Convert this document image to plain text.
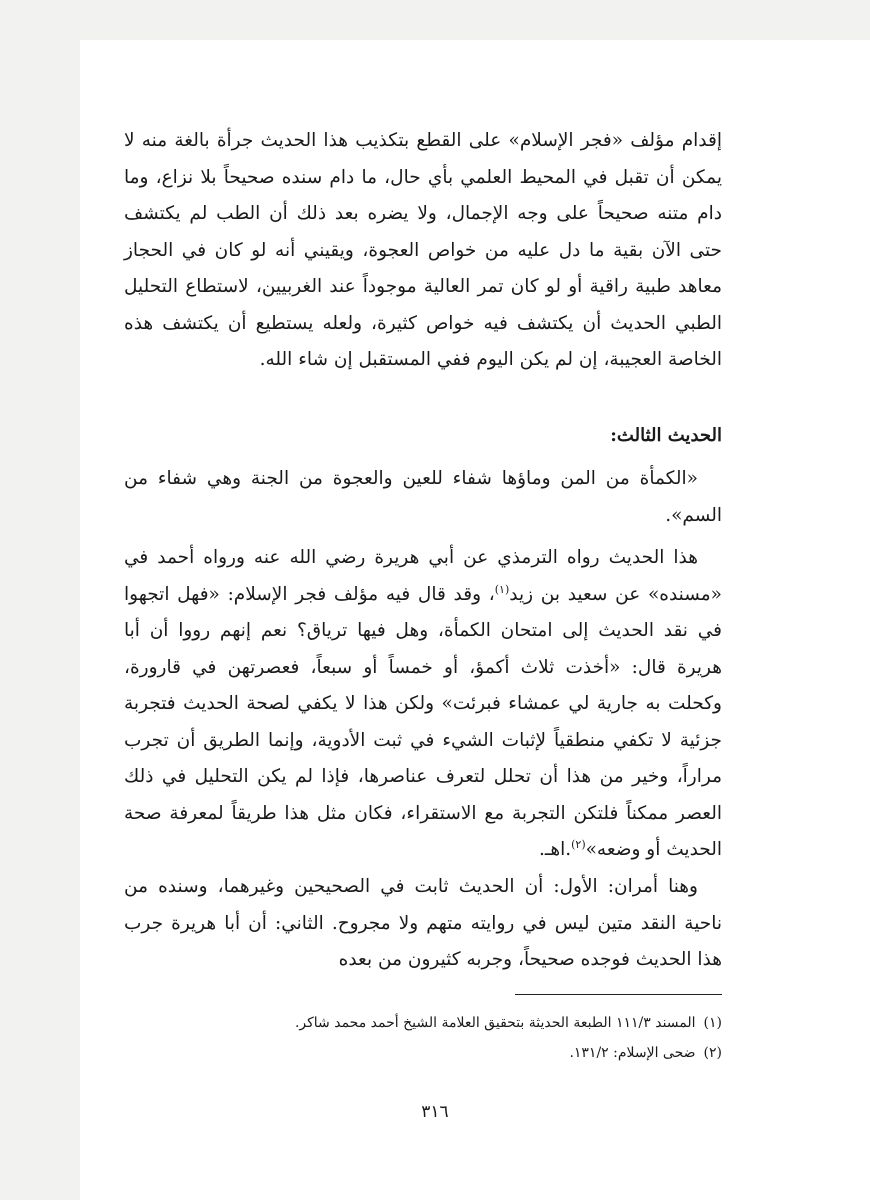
إقدام مؤلف «فجر الإسلام» على القطع بتكذيب هذا الحديث جرأة بالغة منه لا يمكن أن تقبل في المحيط العلمي بأي حال، ما دام سنده صحيحاً بلا نزاع، وما دام متنه صحيحاً على وجه الإجمال، ولا يضره بعد ذلك أن الطب لم يكتشف حتى الآن بقية ما دل عليه من خواص العجوة، ويقيني أنه لو كان في الحجاز معاهد طبية راقية أو لو كان تمر العالية موجوداً عند الغربيين، لاستطاع التحليل الطبي الحديث أن يكتشف فيه خواص كثيرة، ولعله يستطيع أن يكتشف هذه الخاصة العجيبة، إن لم يكن اليوم ففي المستقبل إن شاء الله.

الحديث الثالث:

«الكمأة من المن وماؤها شفاء للعين والعجوة من الجنة وهي شفاء من السم».

هذا الحديث رواه الترمذي عن أبي هريرة رضي الله عنه ورواه أحمد في «مسنده» عن سعيد بن زيد$^{(١)}$، وقد قال فيه مؤلف فجر الإسلام: «فهل اتجهوا في نقد الحديث إلى امتحان الكمأة، وهل فيها ترياق؟ نعم إنهم رووا أن أبا هريرة قال: «أخذت ثلاث أكمؤ، أو خمساً أو سبعاً، فعصرتهن في قارورة، وكحلت به جارية لي عمشاء فبرئت» ولكن هذا لا يكفي لصحة الحديث فتجربة جزئية لا تكفي منطقياً لإثبات الشيء في ثبت الأدوية، وإنما الطريق أن تجرب مراراً، وخير من هذا أن تحلل لتعرف عناصرها، فإذا لم يكن التحليل في ذلك العصر ممكناً فلتكن التجربة مع الاستقراء، فكان مثل هذا طريقاً لمعرفة صحة الحديث أو وضعه»$^{(٢)}$.اهـ.

وهنا أمران: الأول: أن الحديث ثابت في الصحيحين وغيرهما، وسنده من ناحية النقد متين ليس في روايته متهم ولا مجروح. الثاني: أن أبا هريرة جرب هذا الحديث فوجده صحيحاً، وجربه كثيرون من بعده

(١)المسند ١١١/٣ الطبعة الحديثة بتحقيق العلامة الشيخ أحمد محمد شاكر.
(٢)ضحى الإسلام: ١٣١/٢.
٣١٦
